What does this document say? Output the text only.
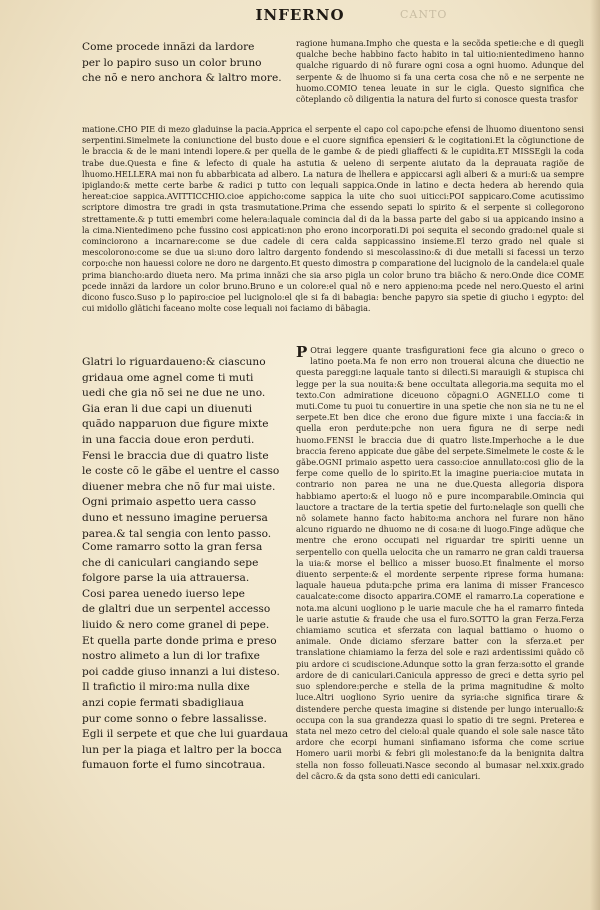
INFERNO	CANTO
Come procede innãzi da lardore
per lo papiro suso un color bruno
che nõ e nero anchora & laltro more.

ragione humana.Impho che questa e la secõda spetie:che e di quegli qualche beche habbino facto habito in tal uitio:nientedimeno hanno qualche riguardo di nõ furare ogni cosa a ogni huomo. Adunque del serpente & de lhuomo si fa una certa cosa che nõ e ne serpente ne huomo.COMIO tenea leuate in sur le cigla. Questo significa che cõteplando cõ diligentia la natura del furto si conosce questa trasfor

matione.CHO PIE di mezo gladuinse la pacia.Apprica el serpente el capo col capo:pche efensi de lhuomo diuentono sensi serpentini.Simelmete la coniunctione del busto doue e el cuore significa epensieri & le cogitationi.Et la cõgiunctione de le braccia & de le mani intendi lopere.& per quella de le gambe & de piedi gliaffecti & le cupidita.ET MISSEgli la coda trabe due.Questa e fine & lefecto di quale ha astutia & ueleno di serpente aiutato da la deprauata ragiõe de lhuomo.HELLERA mai non fu abbarbicata ad albero. La natura de lhellera e appiccarsi agli alberi & a muri:& ua sempre ipiglando:& mette certe barbe & radici p tutto con lequali sappica.Onde in latino e decta hedera ab herendo quia hereat:cioe sappica.AVITTICCHIO.cioe appicho:come sappica la uite cho suoi uiticci:POI sappicaro.Come acutissimo scriptore dimostra tre gradi in qsta trasmutatione.Prima che essendo sepati lo spirito & el serpente si collegorono strettamente.& p tutti emembri come helera:laquale comincia dal di da la bassa parte del gabo si ua appicando insino a la cima.Nientedimeno pche fussino cosi appicati:non pho erono incorporati.Di poi sequita el secondo grado:nel quale si cominciorono a incarnare:come se due cadele di cera calda sappicassino insieme.El terzo grado nel quale si mescolorono:come se due ua si:uno doro laltro dargento fondendo si mescolassino:& di due metalli si facessi un terzo corpo:che non hauessi colore ne doro ne dargento.Et questo dimostra p comparatione del lucignolo de la candela:el quale prima biancho:ardo diueta nero. Ma prima innãzi che sia arso pigla un color bruno tra biãcho & nero.Onde dice COME pcede innãzi da lardore un color bruno.Bruno e un colore:el qual nõ e nero appieno:ma pcede nel nero.Questo el arini dicono fusco.Suso p lo papiro:cioe pel lucignolo:el qle si fa di babagia: benche papyro sia spetie di giucho i egypto: del cui midollo glãtichi faceano molte cose lequali noi faciamo di bãbagia.

Glatri lo riguardaueno:& ciascuno
gridaua ome agnel come ti muti
uedi che gia nõ sei ne due ne uno.
Gia eran li due capi un diuenuti
quãdo napparuon due figure mixte
in una faccia doue eron perduti.
Fensi le braccia due di quatro liste
le coste cõ le gãbe el uentre el casso
diuener mebra che nõ fur mai uiste.
Ogni primaio aspetto uera casso
duno et nessuno imagine peruersa
parea.& tal sengia con lento passo.
Come ramarro sotto la gran fersa
che di caniculari cangiando sepe
folgore parse la uia attrauersa.
Cosi parea uenedo iuerso lepe
de glaltri due un serpentel accesso
liuido & nero come granel di pepe.
Et quella parte donde prima e preso
nostro alimeto a lun di lor trafixe
poi cadde giuso innanzi a lui disteso.
Il trafictio il miro:ma nulla dixe
anzi copie fermati sbadigliaua
pur come sonno o febre lassalisse.
Egli il serpete et que che lui guardaua
lun per la piaga et laltro per la bocca
fumauon forte el fumo sincotraua.
P Otrai leggere quante trasfigurationi fece gia alcuno o greco o latino poeta.Ma fe non erro non trouerai alcuna che diuectio ne questa pareggi:ne laquale tanto si dilecti.Si marauigli & stupisca chi legge per la sua nouita:& bene occultata allegoria.ma sequita mo el texto.Con admiratione diceuono cõpagni.O AGNELLO come ti muti.Come tu puoi tu conuertire in una spetie che non sia ne tu ne el serpete.Et ben dice che erono due figure mixte i una faccia:& in quella eron perdute:pche non uera figura ne di serpe nedi huomo.FENSI le braccia due di quatro liste.Imperhoche a le due braccia fereno appicate due gãbe del serpete.Simelmete le coste & le gãbe.OGNI primaio aspetto uera casso:cioe annullato:cosi glio de la ferpe come quello de lo spirito.Et la imagine pueria:cioe mutata in contrario non parea ne una ne due.Questa allegoria dispora habbiamo aperto:& el luogo nõ e pure incomparabile.Omincia qui lauctore a tractare de la tertia spetie del furto:nelaqle son quelli che nõ solamete hanno facto habito:ma anchora nel furare non hãno alcuno riguardo ne dhuomo ne di cosa:ne di luogo.Finge adũque che mentre che erono occupati nel riguardar tre spiriti uenne un serpentello con quella uelocita che un ramarro ne gran caldi trauersa la uia:& morse el bellico a misser buoso.Et finalmente el morso diuento serpente:& el mordente serpente riprese forma humana: laquale haueua pduta:pche prima era lanima di misser Francesco caualcate:come disocto apparira.COME el ramarro.La coperatione e nota.ma alcuni uogliono p le uarie macule che ha el ramarro finteda le uarie astutie & fraude che usa el furo.SOTTO la gran Ferza.Ferza chiamiamo scutica et sferzata con laqual battiamo o huomo o animale. Onde diciamo sferzare batter con la sferza.et per translatione chiamiamo la ferza del sole e razi ardentissimi quãdo cõ piu ardore ci scudiscione.Adunque sotto la gran ferza:sotto el grande ardore de di caniculari.Canicula appresso de greci e detta syrio pel suo splendore:perche e stella de la prima magnitudine & molto luce.Altri uogliono Syrio uenire da syria:che significa tirare & distendere perche questa imagine si distende per lungo interuallo:& occupa con la sua grandezza quasi lo spatio di tre segni. Preterea e stata nel mezo cetro del cielo:al quale quando el sole sale nasce tãto ardore che ecorpi humani sinfiamano isforma che come scriue Homero uarii morbi & febri gli molestano:fe da la benignita daltra stella non fosso folleuati.Nasce secondo al bumasar nel.xxix.grado del cãcro.& da qsta sono detti edi caniculari.
